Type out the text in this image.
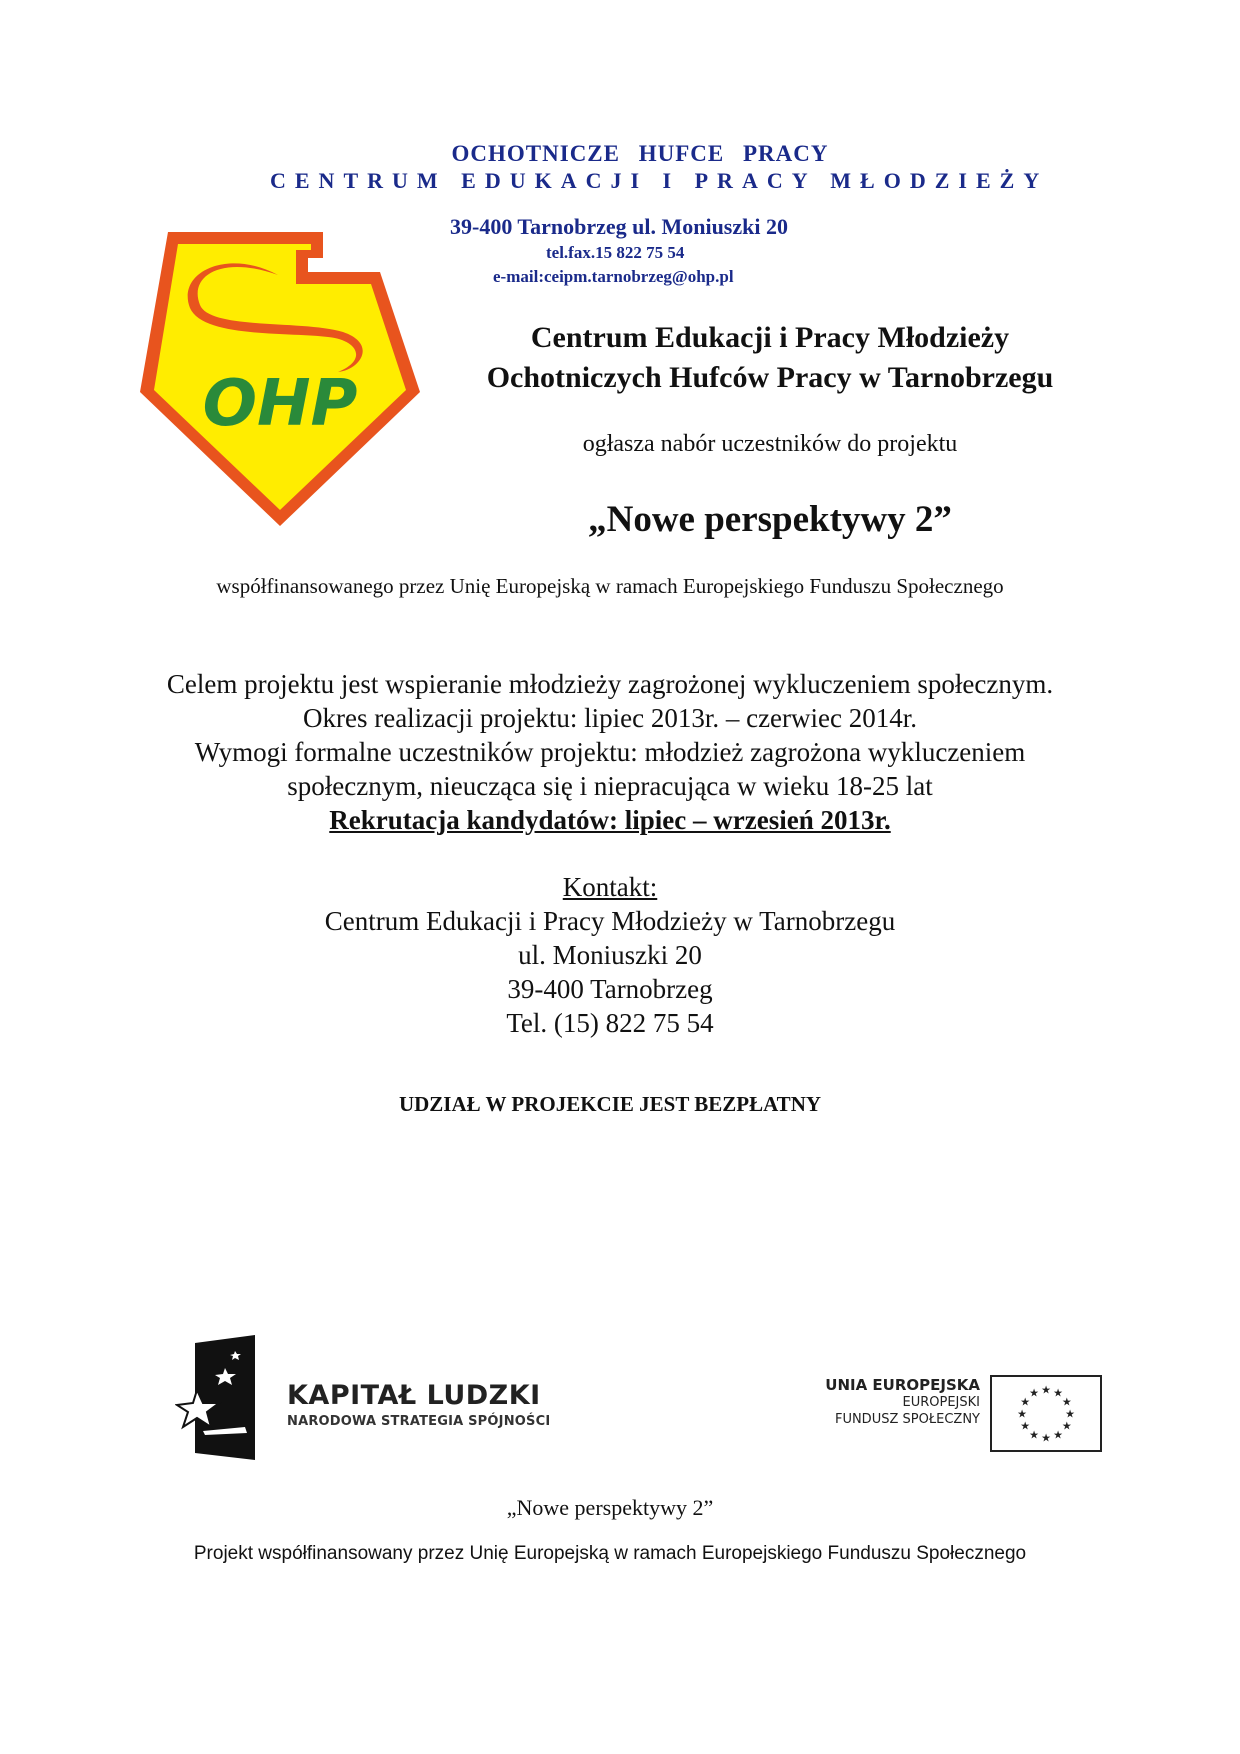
OCHOTNICZE HUFCE PRACY
CENTRUM EDUKACJI I PRACY MŁODZIEŻY
39-400 Tarnobrzeg ul. Moniuszki 20
tel.fax.15 822 75 54
e-mail:ceipm.tarnobrzeg@ohp.pl
OHP
Centrum Edukacji i Pracy Młodzieży
Ochotniczych Hufców Pracy w Tarnobrzegu
ogłasza nabór uczestników do projektu
„Nowe perspektywy 2”
współfinansowanego przez Unię Europejską w ramach Europejskiego Funduszu Społecznego
Celem projektu jest wspieranie młodzieży zagrożonej wykluczeniem społecznym.
Okres realizacji projektu: lipiec 2013r. – czerwiec 2014r.
Wymogi formalne uczestników projektu: młodzież zagrożona wykluczeniem
społecznym, nieucząca się i niepracująca w wieku 18-25 lat
Rekrutacja kandydatów: lipiec – wrzesień 2013r.
Kontakt:
Centrum Edukacji i Pracy Młodzieży w Tarnobrzegu
ul. Moniuszki 20
39-400 Tarnobrzeg
Tel. (15) 822 75 54
UDZIAŁ W PROJEKCIE JEST BEZPŁATNY
KAPITAŁ LUDZKI
NARODOWA STRATEGIA SPÓJNOŚCI
UNIA EUROPEJSKA
EUROPEJSKI
FUNDUSZ SPOŁECZNY
★ ★
★
★
★
★
★
★
★
★
★
★
„Nowe perspektywy 2”
Projekt współfinansowany przez Unię Europejską w ramach Europejskiego Funduszu Społecznego
